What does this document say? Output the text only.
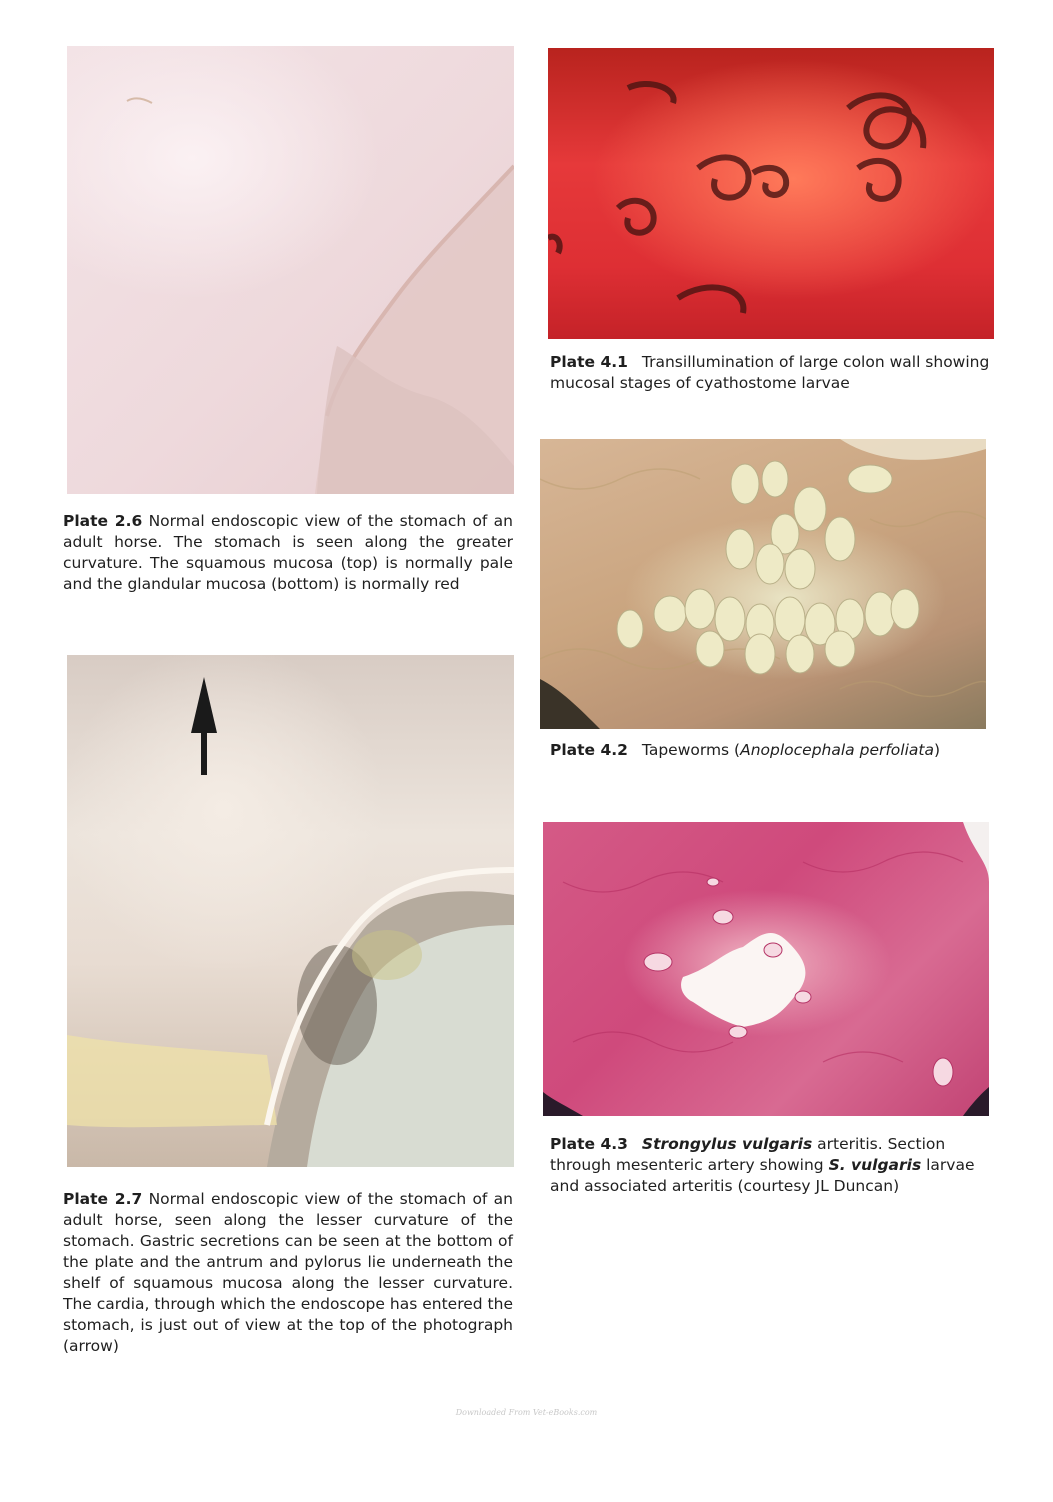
Plate 2.6 Normal endoscopic view of the stomach of an adult horse. The stomach is seen along the greater curvature. The squamous mucosa (top) is normally pale and the glandular mucosa (bottom) is normally red
Plate 2.7 Normal endoscopic view of the stomach of an adult horse, seen along the lesser curvature of the stomach. Gastric secretions can be seen at the bottom of the plate and the antrum and pylorus lie underneath the shelf of squamous mucosa along the lesser curvature. The cardia, through which the endoscope has entered the stomach, is just out of view at the top of the photograph (arrow)
Plate 4.1 Transillumination of large colon wall showing mucosal stages of cyathostome larvae
Plate 4.2 Tapeworms (Anoplocephala perfoliata)
Plate 4.3 Strongylus vulgaris arteritis. Section through mesenteric artery showing S. vulgaris larvae and associated arteritis (courtesy JL Duncan)
Downloaded From Vet-eBooks.com
